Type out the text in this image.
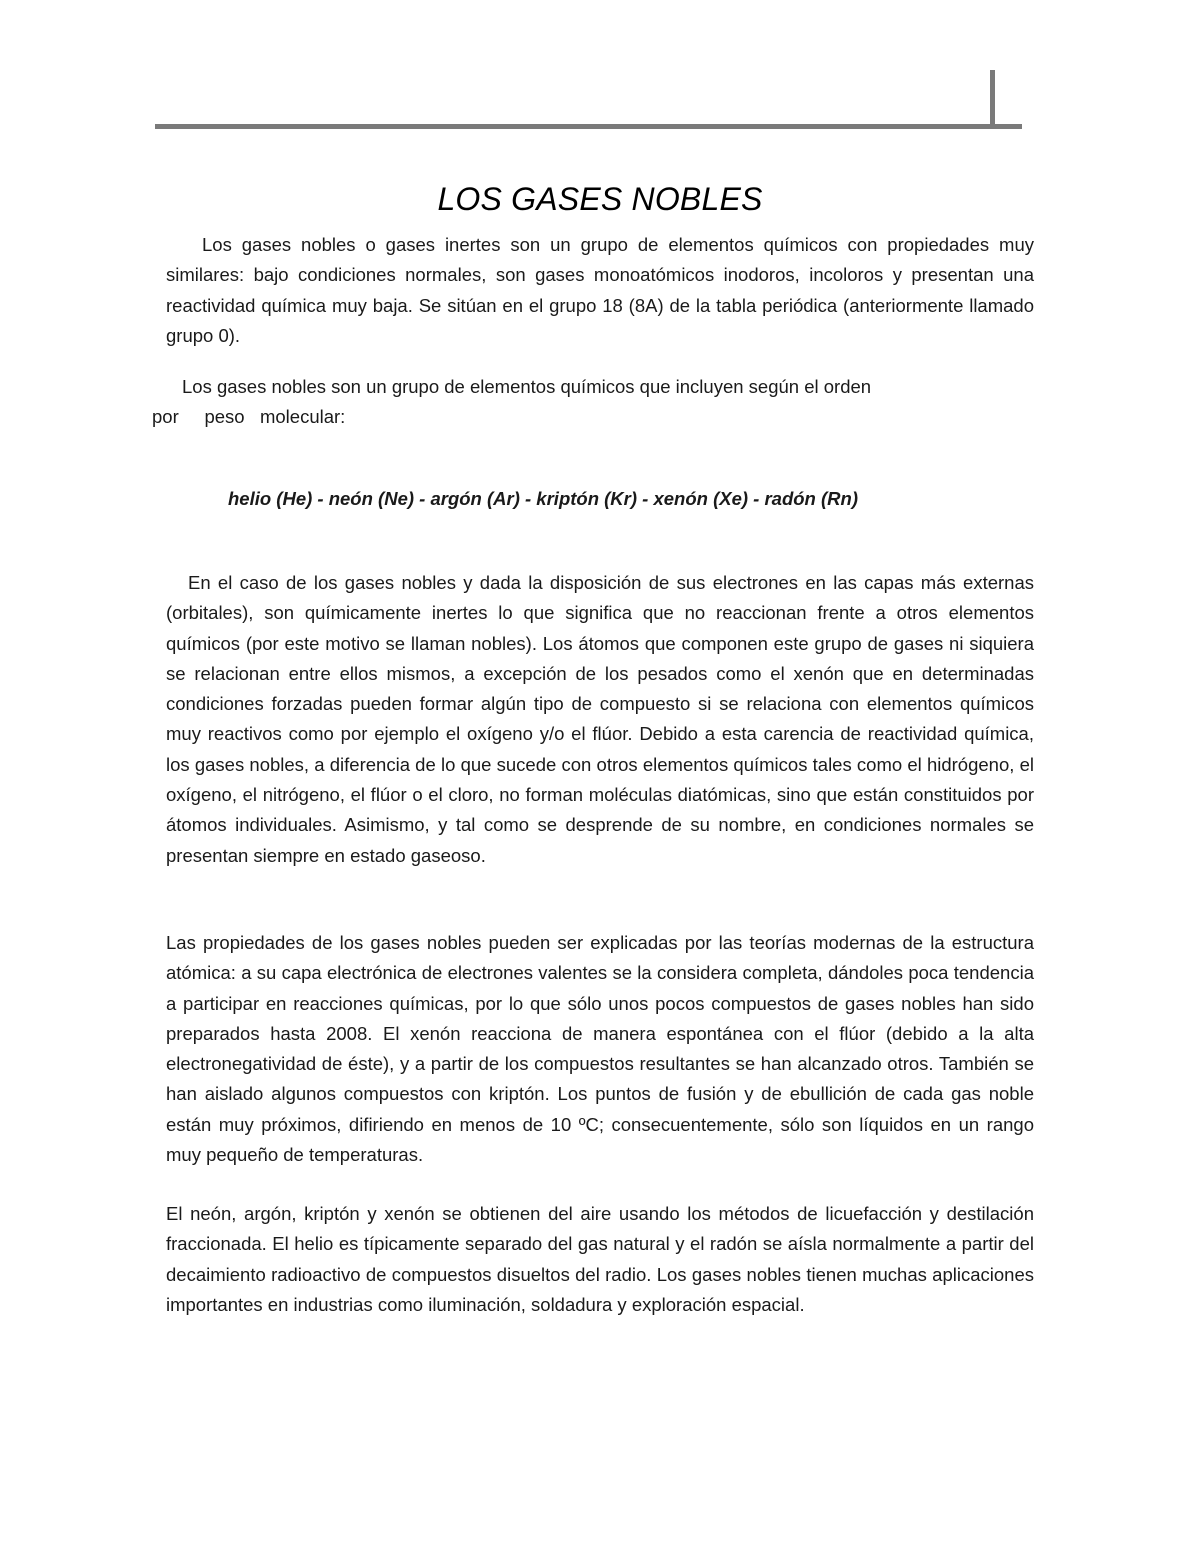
LOS GASES NOBLES

Los gases nobles o gases inertes son un grupo de elementos químicos con propiedades muy similares: bajo condiciones normales, son gases monoatómicos inodoros, incoloros y presentan una reactividad química muy baja. Se sitúan en el grupo 18 (8A) de la tabla periódica (anteriormente llamado grupo 0).

Los gases nobles son un grupo de elementos químicos que incluyen según el orden

por     peso   molecular:

helio (He) - neón (Ne) - argón (Ar) - kriptón (Kr) - xenón (Xe) - radón (Rn)

En el caso de los gases nobles y dada la disposición de sus electrones en las capas más externas (orbitales), son químicamente inertes lo que significa que no reaccionan frente a otros elementos químicos (por este motivo se llaman nobles). Los átomos que componen este grupo de gases ni siquiera se relacionan entre ellos mismos, a excepción de los pesados como el xenón que en determinadas condiciones forzadas pueden formar algún tipo de compuesto si se relaciona con elementos químicos muy reactivos como por ejemplo el oxígeno y/o el flúor. Debido a esta carencia de reactividad química, los gases nobles, a diferencia de lo que sucede con otros elementos químicos tales como el hidrógeno, el oxígeno, el nitrógeno, el flúor o el cloro, no forman moléculas diatómicas, sino que están constituidos por átomos individuales. Asimismo, y tal como se desprende de su nombre, en condiciones normales se presentan siempre en estado gaseoso.

Las propiedades de los gases nobles pueden ser explicadas por las teorías modernas de la estructura atómica: a su capa electrónica de electrones valentes se la considera completa, dándoles poca tendencia a participar en reacciones químicas, por lo que sólo unos pocos compuestos de gases nobles han sido preparados hasta 2008. El xenón reacciona de manera espontánea con el flúor (debido a la alta electronegatividad de éste), y a partir de los compuestos resultantes se han alcanzado otros. También se han aislado algunos compuestos con kriptón. Los puntos de fusión y de ebullición de cada gas noble están muy próximos, difiriendo en menos de 10 ºC; consecuentemente, sólo son líquidos en un rango muy pequeño de temperaturas.

El neón, argón, kriptón y xenón se obtienen del aire usando los métodos de licuefacción y destilación fraccionada. El helio es típicamente separado del gas natural y el radón se aísla normalmente a partir del decaimiento radioactivo de compuestos disueltos del radio. Los gases nobles tienen muchas aplicaciones importantes en industrias como iluminación, soldadura y exploración espacial.
